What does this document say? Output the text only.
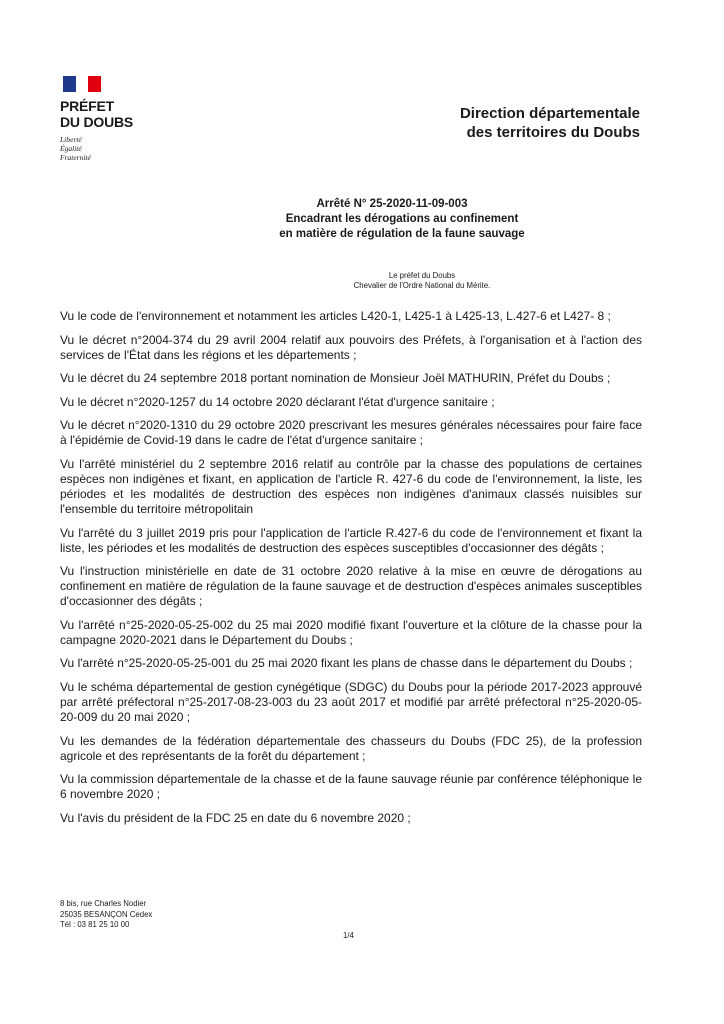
PRÉFET
DU DOUBS
Liberté
Égalité
Fraternité
Direction départementale
des territoires du Doubs
Arrêté N° 25-2020-11-09-003
Encadrant les dérogations au confinement
en matière de régulation de la faune sauvage
Le préfet du Doubs
Chevalier de l'Ordre National du Mérite.

Vu le code de l'environnement et notamment les articles L420-1, L425-1 à L425-13, L.427-6 et L427- 8 ;

Vu le décret n°2004-374 du 29 avril 2004 relatif aux pouvoirs des Préfets, à l'organisation et à l'action des services de l'État dans les régions et les départements ;

Vu le décret du 24 septembre 2018 portant nomination de Monsieur Joël MATHURIN, Préfet du Doubs ;

Vu le décret n°2020-1257 du 14 octobre 2020 déclarant l'état d'urgence sanitaire ;

Vu le décret n°2020-1310 du 29 octobre 2020 prescrivant les mesures générales nécessaires pour faire face à l'épidémie de Covid-19 dans le cadre de l'état d'urgence sanitaire ;

Vu l'arrêté ministériel du 2 septembre 2016 relatif au contrôle par la chasse des populations de certaines espèces non indigènes et fixant, en application de l'article R. 427-6 du code de l'environnement, la liste, les périodes et les modalités de destruction des espèces non indigènes d'animaux classés nuisibles sur l'ensemble du territoire métropolitain

Vu l'arrêté du 3 juillet 2019 pris pour l'application de l'article R.427-6 du code de l'environnement et fixant la liste, les périodes et les modalités de destruction des espèces susceptibles d'occasionner des dégâts ;

Vu l'instruction ministérielle en date de 31 octobre 2020 relative à la mise en œuvre de dérogations au confinement en matière de régulation de la faune sauvage et de destruction d'espèces animales susceptibles d'occasionner des dégâts ;

Vu l'arrêté n°25-2020-05-25-002 du 25 mai 2020 modifié fixant l'ouverture et la clôture de la chasse pour la campagne 2020-2021 dans le Département du Doubs ;

Vu l'arrêté n°25-2020-05-25-001 du 25 mai 2020 fixant les plans de chasse dans le département du Doubs ;

Vu le schéma départemental de gestion cynégétique (SDGC) du Doubs pour la période 2017-2023 approuvé par arrêté préfectoral n°25-2017-08-23-003 du 23 août 2017 et modifié par arrêté préfectoral n°25-2020-05-20-009 du 20 mai 2020 ;

Vu les demandes de la fédération départementale des chasseurs du Doubs (FDC 25), de la profession agricole et des représentants de la forêt du département ;

Vu la commission départementale de la chasse et de la faune sauvage réunie par conférence téléphonique le 6 novembre 2020 ;

Vu l'avis du président de la FDC 25 en date du 6 novembre 2020 ;

8 bis, rue Charles Nodier
25035 BESANÇON Cedex
Tél : 03 81 25 10 00
1/4
